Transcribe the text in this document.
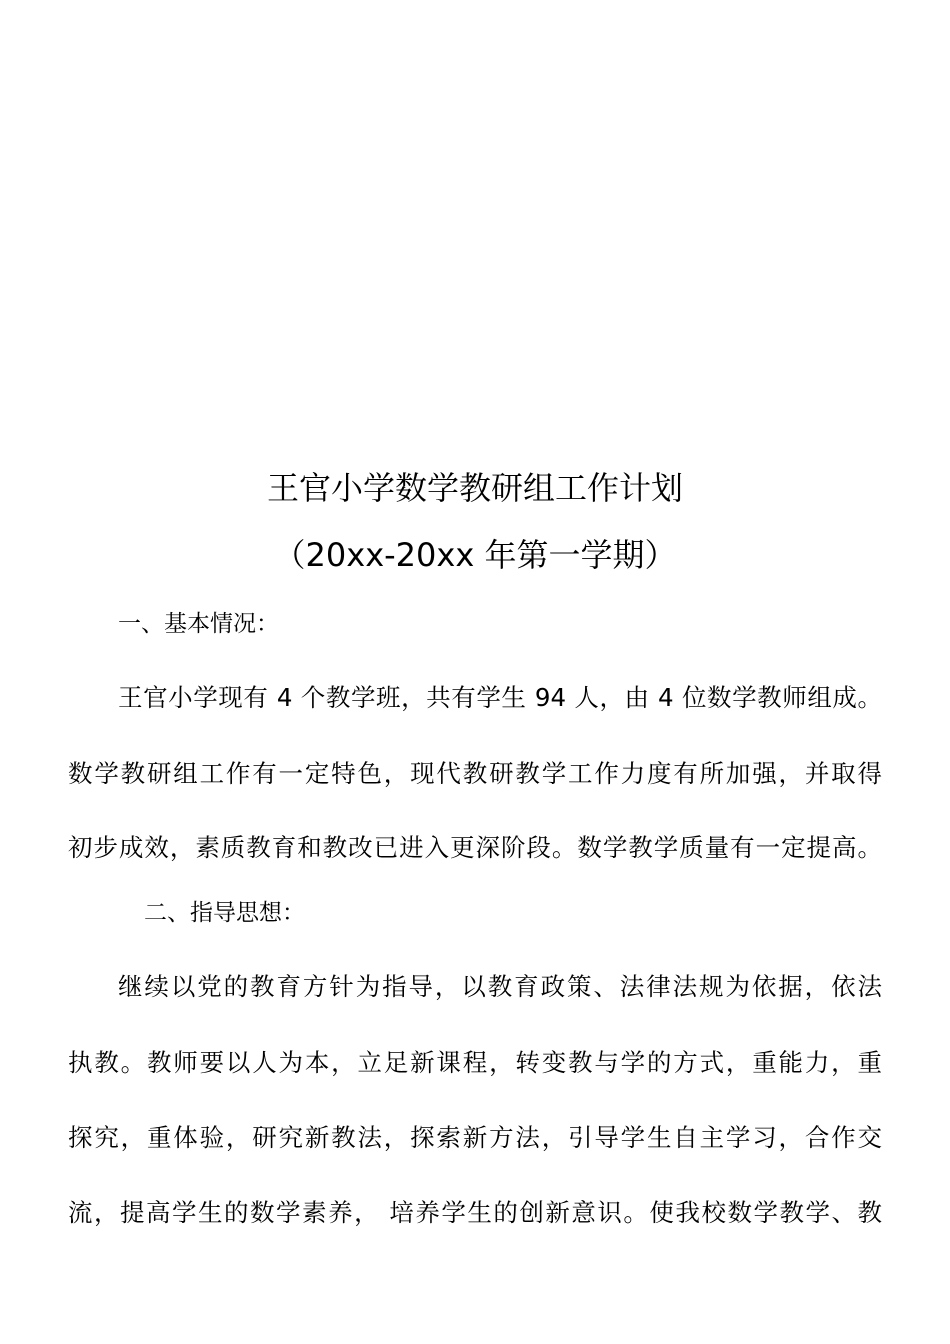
王官小学数学教研组工作计划
（20xx-20xx 年第一学期）
一、基本情况：
王官小学现有 4 个教学班，共有学生 94 人，由 4 位数学教师组成。
数学教研组工作有一定特色，现代教研教学工作力度有所加强，并取得
初步成效，素质教育和教改已进入更深阶段。数学教学质量有一定提高。
二、指导思想：
继续以党的教育方针为指导，以教育政策、法律法规为依据，依法
执教。教师要以人为本，立足新课程，转变教与学的方式，重能力，重
探究，重体验，研究新教法，探索新方法，引导学生自主学习，合作交
流，提高学生的数学素养， 培养学生的创新意识。使我校数学教学、教
